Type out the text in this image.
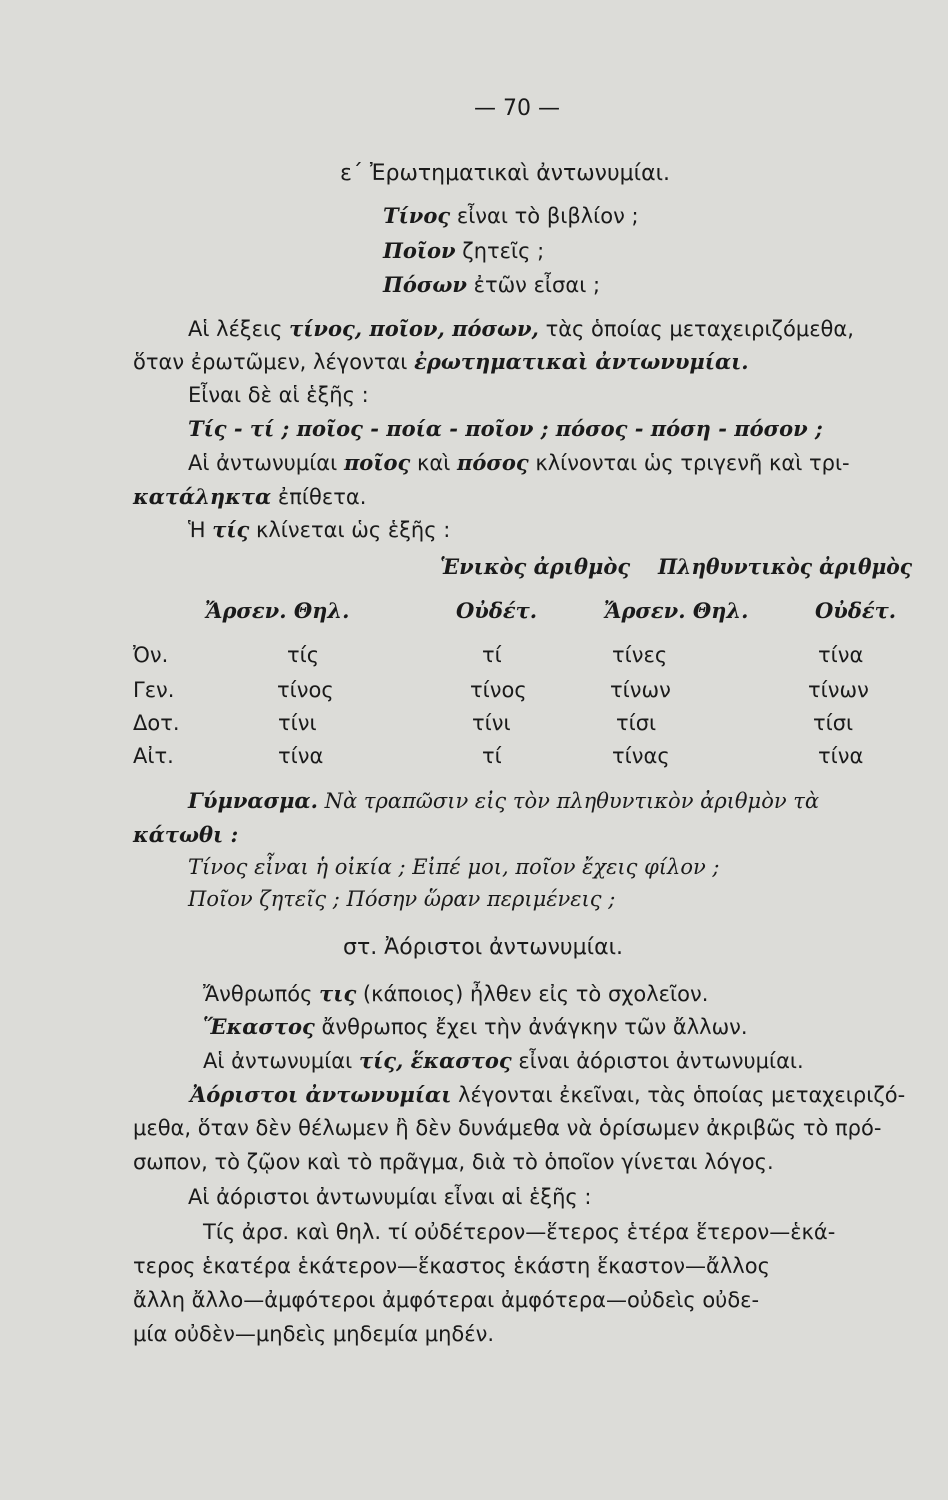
— 70 —
ε΄ Ἐρωτηματικαὶ ἀντωνυμίαι.
Τίνος εἶναι τὸ βιβλίον ;
Ποῖον ζητεῖς ;
Πόσων ἐτῶν εἶσαι ;
Αἱ λέξεις τίνος, ποῖον, πόσων, τὰς ὁποίας μεταχειριζόμεθα,
ὅταν ἐρωτῶμεν, λέγονται ἐρωτηματικαὶ ἀντωνυμίαι.
Εἶναι δὲ αἱ ἑξῆς :
Τίς - τί ; ποῖος - ποία - ποῖον ; πόσος - πόση - πόσον ;
Αἱ ἀντωνυμίαι ποῖος καὶ πόσος κλίνονται ὡς τριγενῆ καὶ τρι-
κατάληκτα ἐπίθετα.
Ἡ τίς κλίνεται ὡς ἑξῆς :
Ἑνικὸς ἀριθμὸς Πληθυντικὸς ἀριθμὸς
Ἄρσεν. Θηλ.	Οὐδέτ.	Ἄρσεν. Θηλ.	Οὐδέτ.
Ὀν.	τίς	τί	τίνες	τίνα
Γεν.	τίνος	τίνος	τίνων	τίνων
Δοτ.	τίνι	τίνι	τίσι	τίσι
Αἰτ.	τίνα	τί	τίνας	τίνα
Γύμνασμα. Νὰ τραπῶσιν εἰς τὸν πληθυντικὸν ἀριθμὸν τὰ
κάτωθι :
Τίνος εἶναι ἡ οἰκία ; Εἰπέ μοι, ποῖον ἔχεις φίλον ;
Ποῖον ζητεῖς ; Πόσην ὥραν περιμένεις ;
στ. Ἀόριστοι ἀντωνυμίαι.
Ἄνθρωπός τις (κάποιος) ἦλθεν εἰς τὸ σχολεῖον.
Ἕκαστος ἄνθρωπος ἔχει τὴν ἀνάγκην τῶν ἄλλων.
Αἱ ἀντωνυμίαι τίς, ἕκαστος εἶναι ἀόριστοι ἀντωνυμίαι.
Ἀόριστοι ἀντωνυμίαι λέγονται ἐκεῖναι, τὰς ὁποίας μεταχειριζό-
μεθα, ὅταν δὲν θέλωμεν ἢ δὲν δυνάμεθα νὰ ὁρίσωμεν ἀκριβῶς τὸ πρό-
σωπον, τὸ ζῷον καὶ τὸ πρᾶγμα, διὰ τὸ ὁποῖον γίνεται λόγος.
Αἱ ἀόριστοι ἀντωνυμίαι εἶναι αἱ ἑξῆς :
Τίς ἀρσ. καὶ θηλ. τί οὐδέτερον—ἕτερος ἑτέρα ἕτερον—ἑκά-
τερος ἑκατέρα ἑκάτερον—ἕκαστος ἑκάστη ἕκαστον—ἄλλος
ἄλλη ἄλλο—ἀμφότεροι ἀμφότεραι ἀμφότερα—οὐδεὶς οὐδε-
μία οὐδὲν—μηδεὶς μηδεμία μηδέν.
